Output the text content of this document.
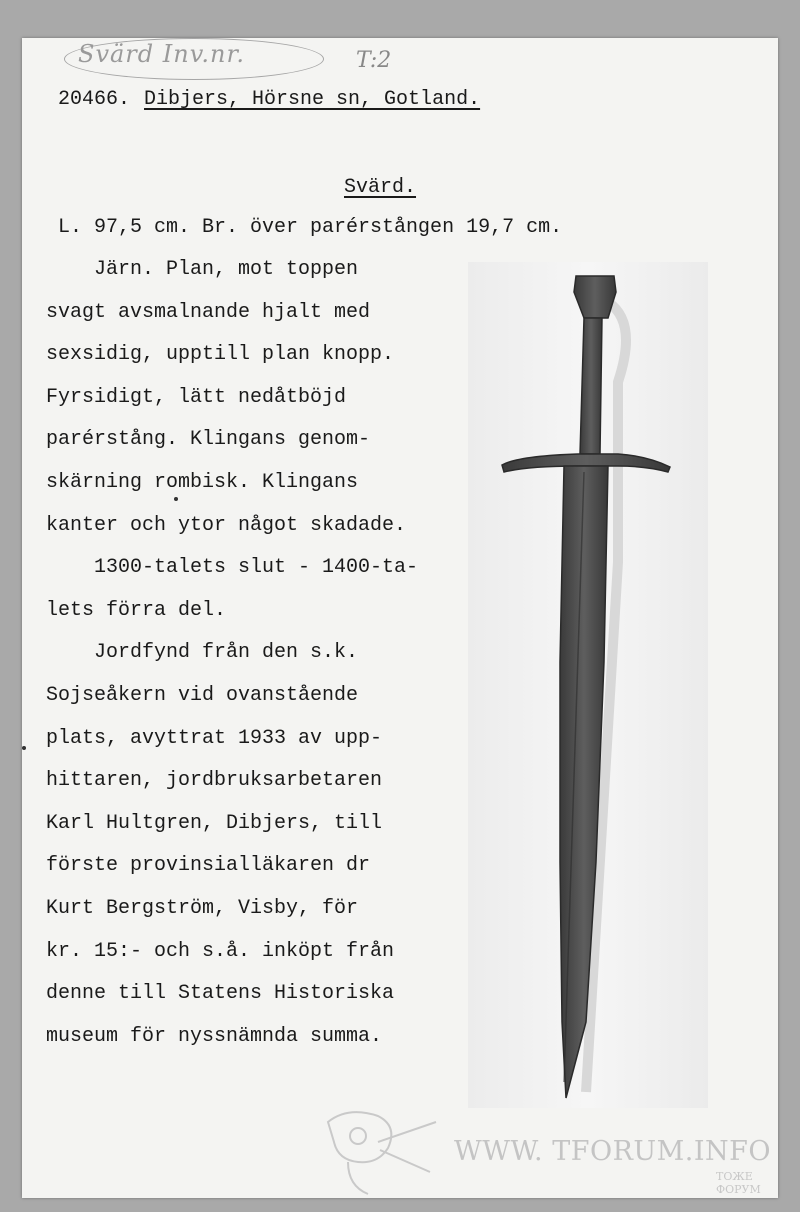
Svärd Inv.nr.	T:2
20466. Dibjers, Hörsne sn, Gotland.
Svärd.
L. 97,5 cm. Br. över parérstången 19,7 cm.
Järn. Plan, mot toppen
svagt avsmalnande hjalt med
sexsidig, upptill plan knopp.
Fyrsidigt, lätt nedåtböjd
parérstång. Klingans genom-
skärning rombisk. Klingans
kanter och ytor något skadade.
1300-talets slut - 1400-ta-
lets förra del.
Jordfynd från den s.k.
Sojseåkern vid ovanstående
plats, avyttrat 1933 av upp-
hittaren, jordbruksarbetaren
Karl Hultgren, Dibjers, till
förste provinsialläkaren dr
Kurt Bergström, Visby, för
kr. 15:- och s.å. inköpt från
denne till Statens Historiska
museum för nyssnämnda summa.
WWW. TFORUM.INFO
ТОЖЕ ФОРУМ
